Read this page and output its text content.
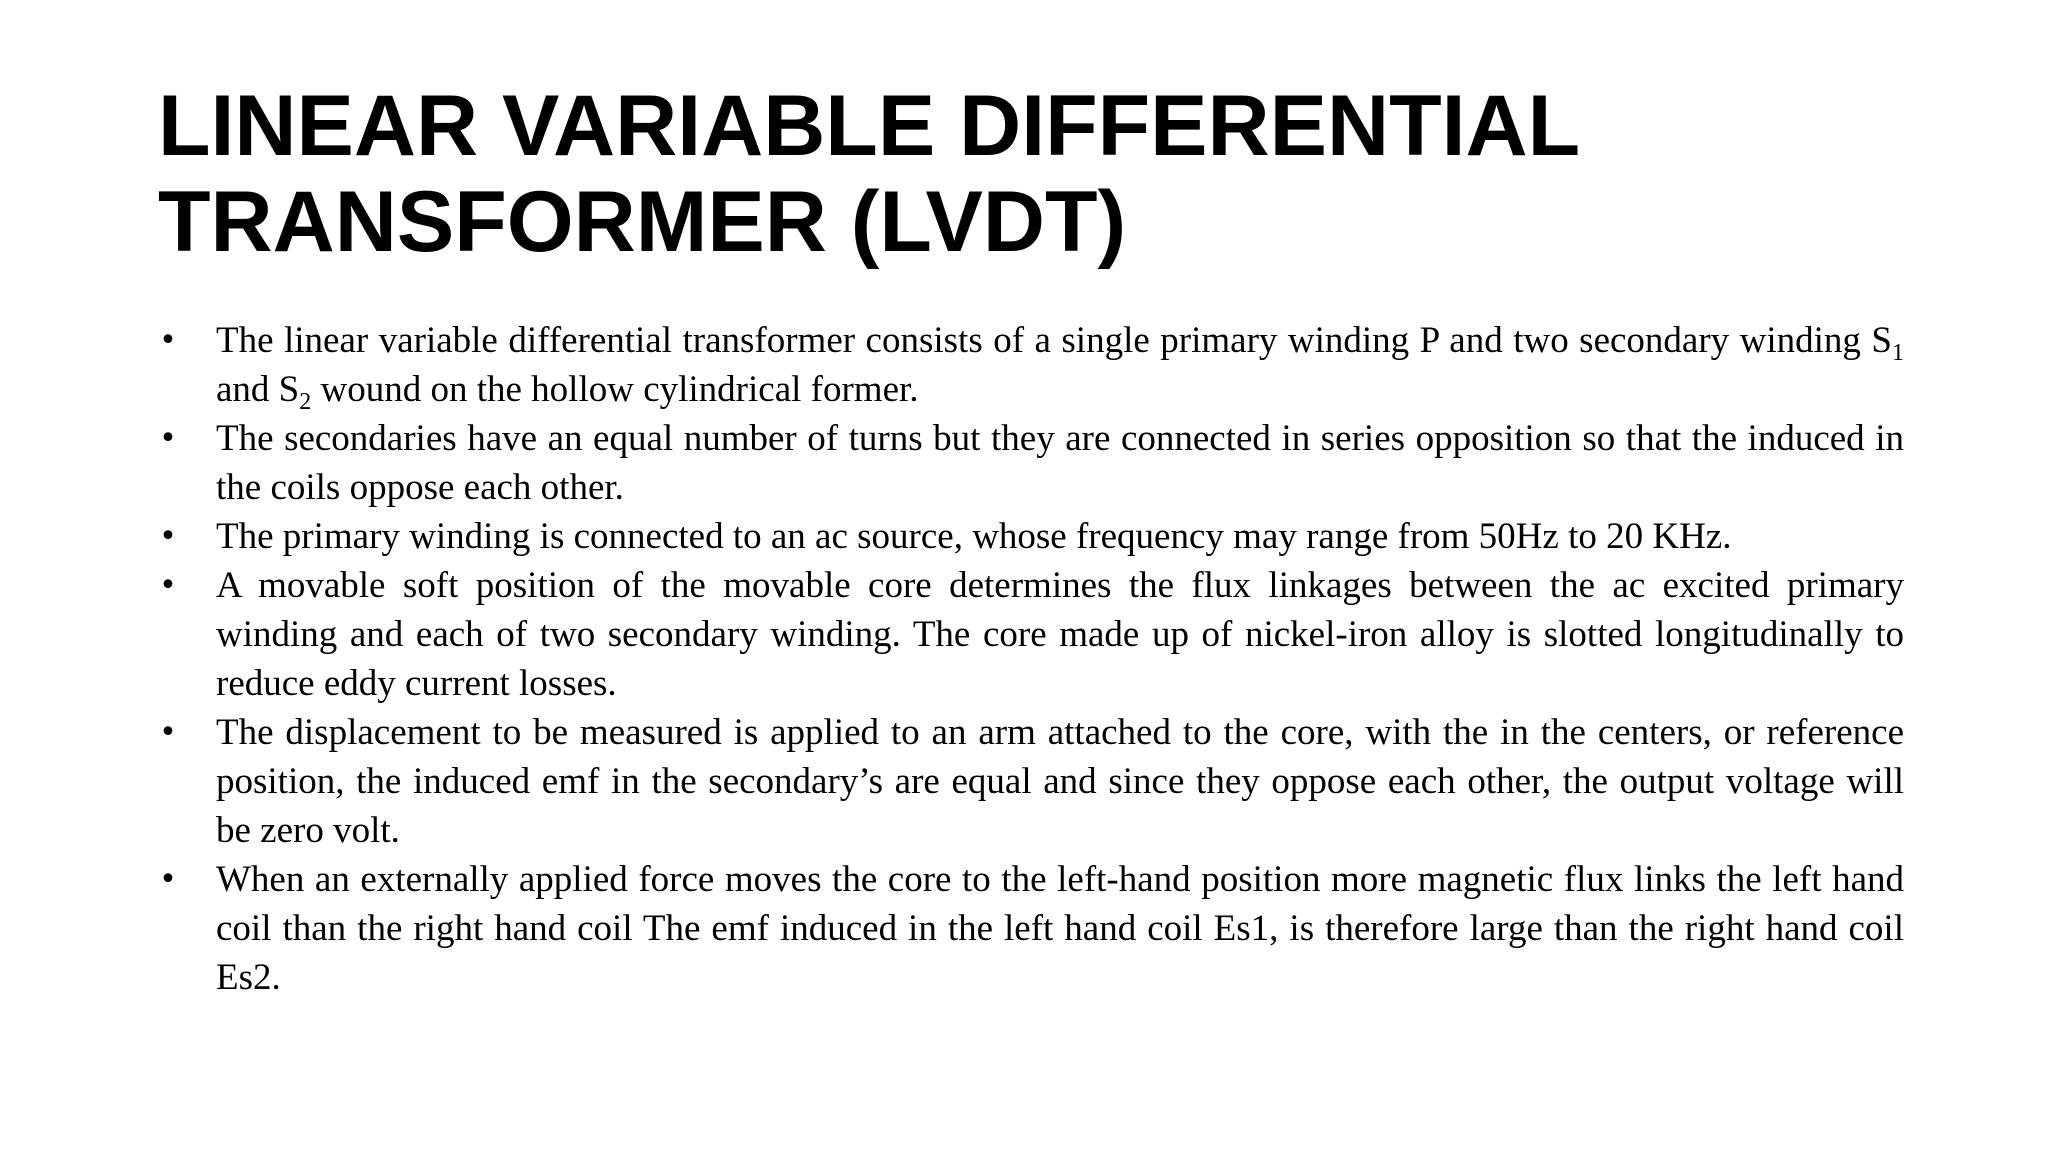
LINEAR VARIABLE DIFFERENTIAL
TRANSFORMER (LVDT)
• The linear variable differential transformer consists of a single primary winding P and two secondary winding $S_1$ and $S_2$ wound on the hollow cylindrical former.
• The secondaries have an equal number of turns but they are connected in series opposition so that the induced in the coils oppose each other.
• The primary winding is connected to an ac source, whose frequency may range from 50Hz to 20 KHz.
• A movable soft position of the movable core determines the flux linkages between the ac excited primary winding and each of two secondary winding. The core made up of nickel-iron alloy is slotted longitudinally to reduce eddy current losses.
• The displacement to be measured is applied to an arm attached to the core, with the in the centers, or reference position, the induced emf in the secondary’s are equal and since they oppose each other, the output voltage will be zero volt.
• When an externally applied force moves the core to the left-hand position more magnetic flux links the left hand coil than the right hand coil The emf induced in the left hand coil Es1, is therefore large than the right hand coil Es2.
